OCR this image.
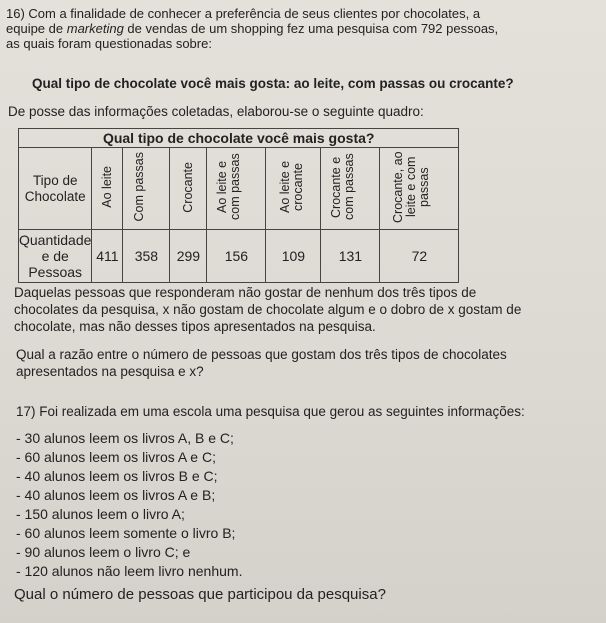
16) Com a finalidade de conhecer a preferência de seus clientes por chocolates, a
equipe de marketing de vendas de um shopping fez uma pesquisa com 792 pessoas,
as quais foram questionadas sobre:
Qual tipo de chocolate você mais gosta: ao leite, com passas ou crocante?
De posse das informações coletadas, elaborou-se o seguinte quadro:
Qual tipo de chocolate você mais gosta?							
Tipo de Chocolate	Ao leite	Com passas	Crocante	Ao leite e com passas	Ao leite e crocante	Crocante e com passas	Crocante, ao leite e com passas
Quantidade e de Pessoas	411	358	299	156	109	131	72
Daquelas pessoas que responderam não gostar de nenhum dos três tipos de
chocolates da pesquisa, x não gostam de chocolate algum e o dobro de x gostam de
chocolate, mas não desses tipos apresentados na pesquisa.
Qual a razão entre o número de pessoas que gostam dos três tipos de chocolates
apresentados na pesquisa e x?
17) Foi realizada em uma escola uma pesquisa que gerou as seguintes informações:
- 30 alunos leem os livros A, B e C;
- 60 alunos leem os livros A e C;
- 40 alunos leem os livros B e C;
- 40 alunos leem os livros A e B;
- 150 alunos leem o livro A;
- 60 alunos leem somente o livro B;
- 90 alunos leem o livro C; e
- 120 alunos não leem livro nenhum.
Qual o número de pessoas que participou da pesquisa?
